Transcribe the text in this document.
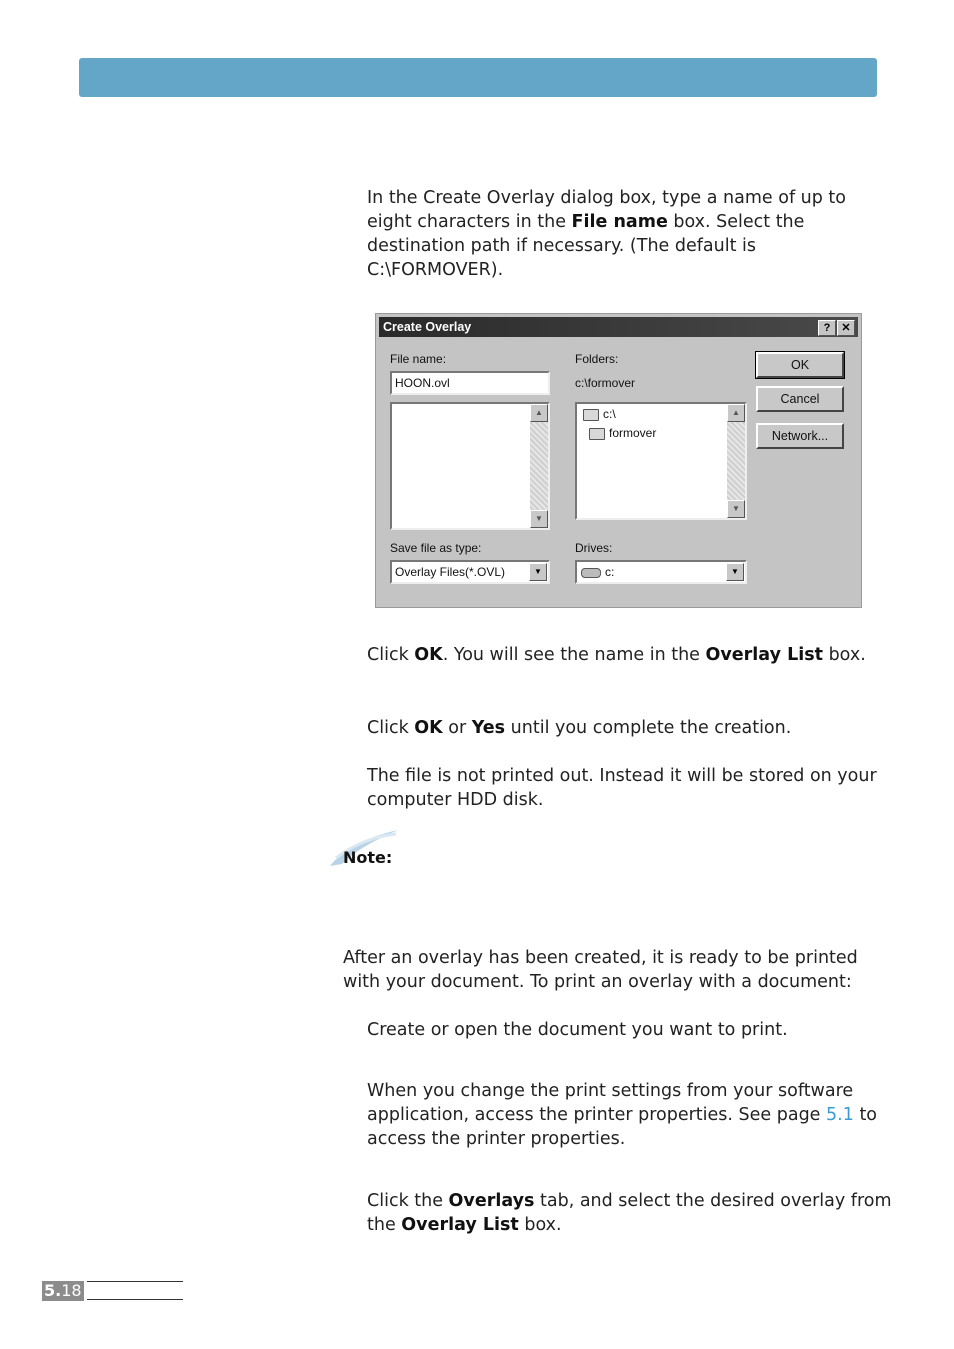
In the Create Overlay dialog box, type a name of up to
eight characters in the File name box. Select the
destination path if necessary. (The default is
C:\FORMOVER).

Create Overlay	?	✕
File name:
HOON.ovl
▲
▼
Folders:
c:\formover
c:\
formover
▲
▼
Save file as type:
Overlay Files(*.OVL)	▼
Drives:
c:	▼
OK
Cancel
Network...

Click OK. You will see the name in the Overlay List box.

Click OK or Yes until you complete the creation.

The file is not printed out. Instead it will be stored on your
computer HDD disk.

Note:

After an overlay has been created, it is ready to be printed
with your document. To print an overlay with a document:

Create or open the document you want to print.

When you change the print settings from your software
application, access the printer properties. See page 5.1 to
access the printer properties.

Click the Overlays tab, and select the desired overlay from
the Overlay List box.

5.18
